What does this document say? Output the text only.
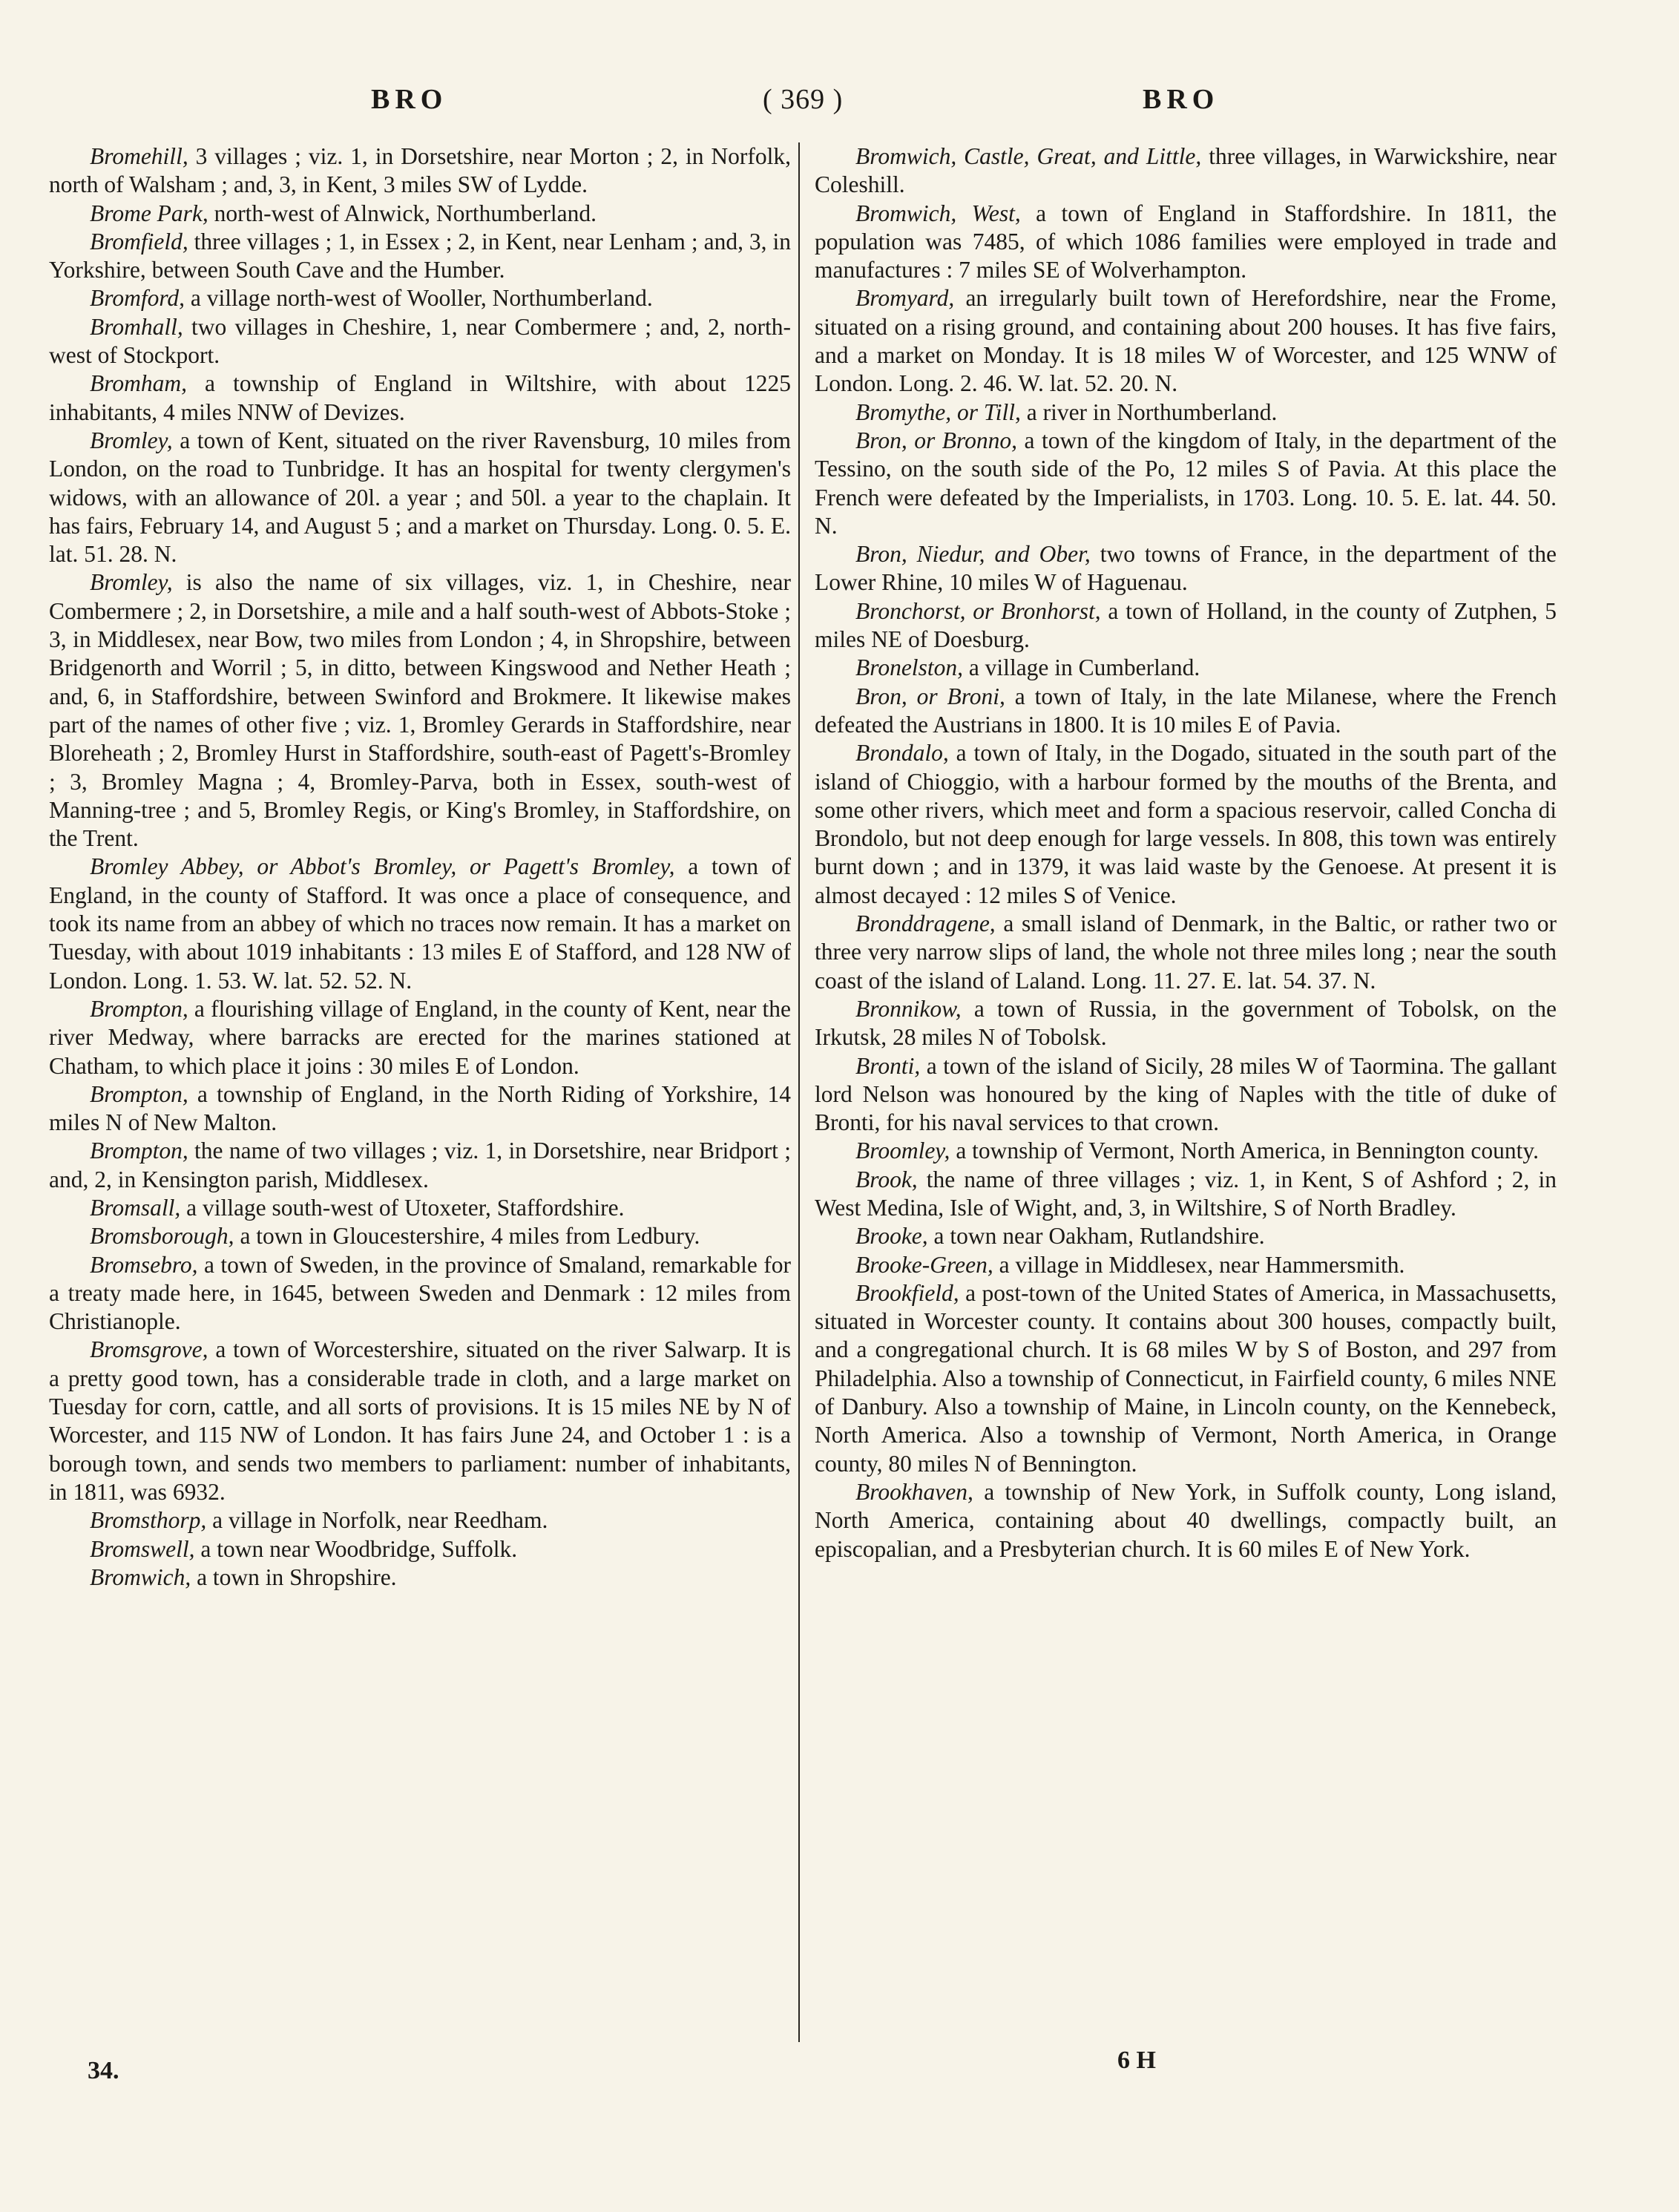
BRO	( 369 )	BRO

Bromehill, 3 villages ; viz. 1, in Dorsetshire, near Morton ; 2, in Norfolk, north of Walsham ; and, 3, in Kent, 3 miles SW of Lydde.

Brome Park, north-west of Alnwick, Northumberland.

Bromfield, three villages ; 1, in Essex ; 2, in Kent, near Lenham ; and, 3, in Yorkshire, between South Cave and the Humber.

Bromford, a village north-west of Wooller, Northumberland.

Bromhall, two villages in Cheshire, 1, near Combermere ; and, 2, north-west of Stockport.

Bromham, a township of England in Wiltshire, with about 1225 inhabitants, 4 miles NNW of Devizes.

Bromley, a town of Kent, situated on the river Ravensburg, 10 miles from London, on the road to Tunbridge. It has an hospital for twenty clergymen's widows, with an allowance of 20l. a year ; and 50l. a year to the chaplain. It has fairs, February 14, and August 5 ; and a market on Thursday. Long. 0. 5. E. lat. 51. 28. N.

Bromley, is also the name of six villages, viz. 1, in Cheshire, near Combermere ; 2, in Dorsetshire, a mile and a half south-west of Abbots-Stoke ; 3, in Middlesex, near Bow, two miles from London ; 4, in Shropshire, between Bridgenorth and Worril ; 5, in ditto, between Kingswood and Nether Heath ; and, 6, in Staffordshire, between Swinford and Brokmere. It likewise makes part of the names of other five ; viz. 1, Bromley Gerards in Staffordshire, near Bloreheath ; 2, Bromley Hurst in Staffordshire, south-east of Pagett's-Bromley ; 3, Bromley Magna ; 4, Bromley-Parva, both in Essex, south-west of Manning-tree ; and 5, Bromley Regis, or King's Bromley, in Staffordshire, on the Trent.

Bromley Abbey, or Abbot's Bromley, or Pagett's Bromley, a town of England, in the county of Stafford. It was once a place of consequence, and took its name from an abbey of which no traces now remain. It has a market on Tuesday, with about 1019 inhabitants : 13 miles E of Stafford, and 128 NW of London. Long. 1. 53. W. lat. 52. 52. N.

Brompton, a flourishing village of England, in the county of Kent, near the river Medway, where barracks are erected for the marines stationed at Chatham, to which place it joins : 30 miles E of London.

Brompton, a township of England, in the North Riding of Yorkshire, 14 miles N of New Malton.

Brompton, the name of two villages ; viz. 1, in Dorsetshire, near Bridport ; and, 2, in Kensington parish, Middlesex.

Bromsall, a village south-west of Utoxeter, Staffordshire.

Bromsborough, a town in Gloucestershire, 4 miles from Ledbury.

Bromsebro, a town of Sweden, in the province of Smaland, remarkable for a treaty made here, in 1645, between Sweden and Denmark : 12 miles from Christianople.

Bromsgrove, a town of Worcestershire, situated on the river Salwarp. It is a pretty good town, has a considerable trade in cloth, and a large market on Tuesday for corn, cattle, and all sorts of provisions. It is 15 miles NE by N of Worcester, and 115 NW of London. It has fairs June 24, and October 1 : is a borough town, and sends two members to parliament: number of inhabitants, in 1811, was 6932.

Bromsthorp, a village in Norfolk, near Reedham.

Bromswell, a town near Woodbridge, Suffolk.

Bromwich, a town in Shropshire.

Bromwich, Castle, Great, and Little, three villages, in Warwickshire, near Coleshill.

Bromwich, West, a town of England in Staffordshire. In 1811, the population was 7485, of which 1086 families were employed in trade and manufactures : 7 miles SE of Wolverhampton.

Bromyard, an irregularly built town of Herefordshire, near the Frome, situated on a rising ground, and containing about 200 houses. It has five fairs, and a market on Monday. It is 18 miles W of Worcester, and 125 WNW of London. Long. 2. 46. W. lat. 52. 20. N.

Bromythe, or Till, a river in Northumberland.

Bron, or Bronno, a town of the kingdom of Italy, in the department of the Tessino, on the south side of the Po, 12 miles S of Pavia. At this place the French were defeated by the Imperialists, in 1703. Long. 10. 5. E. lat. 44. 50. N.

Bron, Niedur, and Ober, two towns of France, in the department of the Lower Rhine, 10 miles W of Haguenau.

Bronchorst, or Bronhorst, a town of Holland, in the county of Zutphen, 5 miles NE of Doesburg.

Bronelston, a village in Cumberland.

Bron, or Broni, a town of Italy, in the late Milanese, where the French defeated the Austrians in 1800. It is 10 miles E of Pavia.

Brondalo, a town of Italy, in the Dogado, situated in the south part of the island of Chioggio, with a harbour formed by the mouths of the Brenta, and some other rivers, which meet and form a spacious reservoir, called Concha di Brondolo, but not deep enough for large vessels. In 808, this town was entirely burnt down ; and in 1379, it was laid waste by the Genoese. At present it is almost decayed : 12 miles S of Venice.

Bronddragene, a small island of Denmark, in the Baltic, or rather two or three very narrow slips of land, the whole not three miles long ; near the south coast of the island of Laland. Long. 11. 27. E. lat. 54. 37. N.

Bronnikow, a town of Russia, in the government of Tobolsk, on the Irkutsk, 28 miles N of Tobolsk.

Bronti, a town of the island of Sicily, 28 miles W of Taormina. The gallant lord Nelson was honoured by the king of Naples with the title of duke of Bronti, for his naval services to that crown.

Broomley, a township of Vermont, North America, in Bennington county.

Brook, the name of three villages ; viz. 1, in Kent, S of Ashford ; 2, in West Medina, Isle of Wight, and, 3, in Wiltshire, S of North Bradley.

Brooke, a town near Oakham, Rutlandshire.

Brooke-Green, a village in Middlesex, near Hammersmith.

Brookfield, a post-town of the United States of America, in Massachusetts, situated in Worcester county. It contains about 300 houses, compactly built, and a congregational church. It is 68 miles W by S of Boston, and 297 from Philadelphia. Also a township of Connecticut, in Fairfield county, 6 miles NNE of Danbury. Also a township of Maine, in Lincoln county, on the Kennebeck, North America. Also a township of Vermont, North America, in Orange county, 80 miles N of Bennington.

Brookhaven, a township of New York, in Suffolk county, Long island, North America, containing about 40 dwellings, compactly built, an episcopalian, and a Presbyterian church. It is 60 miles E of New York.

34.	6 H
